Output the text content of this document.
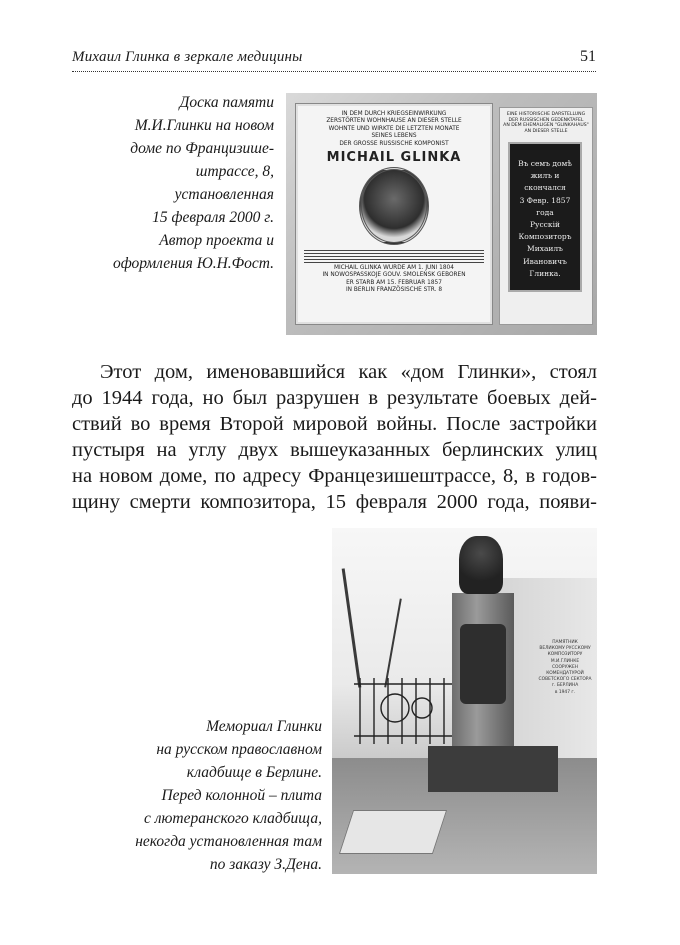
Михаил Глинка в зеркале медицины	51
Доска памяти
М.И.Глинки на новом
доме по Францизише-
штрассе, 8,
установленная
15 февраля 2000 г.
Автор проекта и
оформления Ю.Н.Фост.
IN DEM DURCH KRIEGSEINWIRKUNG
ZERSTÖRTEN WOHNHAUSE AN DIESER STELLE
WOHNTE UND WIRKTE DIE LETZTEN MONATE
SEINES LEBENS
DER GROSSE RUSSISCHE KOMPONIST
MICHAIL GLINKA
MICHAIL GLINKA WURDE AM 1. JUNI 1804
IN NOWOSPASSKOJE GOUV. SMOLENSK GEBOREN
ER STARB AM 15. FEBRUAR 1857
IN BERLIN FRANZÖSISCHE STR. 8
EINE HISTORISCHE DARSTELLUNG
DER RUSSISCHEN GEDENKTAFEL
AN DEM EHEMALIGEN "GLINKAHAUS"
AN DIESER STELLE
Въ семъ домѣ
жилъ и скончался
3 Февр. 1857 года
Русскій
Композиторъ
Михаилъ
Ивановичъ
Глинка.
Этот дом, именовавшийся как «дом Глинки», стоял
до 1944 года, но был разрушен в результате боевых дей-
ствий во время Второй мировой войны. После застройки
пустыря на углу двух вышеуказанных берлинских улиц
на новом доме, по адресу Францезишештрассе, 8, в годов-
щину смерти композитора, 15 февраля 2000 года, появи-
ПАМЯТНИК
ВЕЛИКОМУ РУССКОМУ КОМПОЗИТОРУ
М.И.ГЛИНКЕ
СООРУЖЕН
КОМЕНДАТУРОЙ
СОВЕТСКОГО СЕКТОРА
г. БЕРЛИНА
в 1947 г.
Мемориал Глинки
на русском православном
кладбище в Берлине.
Перед колонной – плита
с лютеранского кладбища,
некогда установленная там
по заказу З.Дена.
